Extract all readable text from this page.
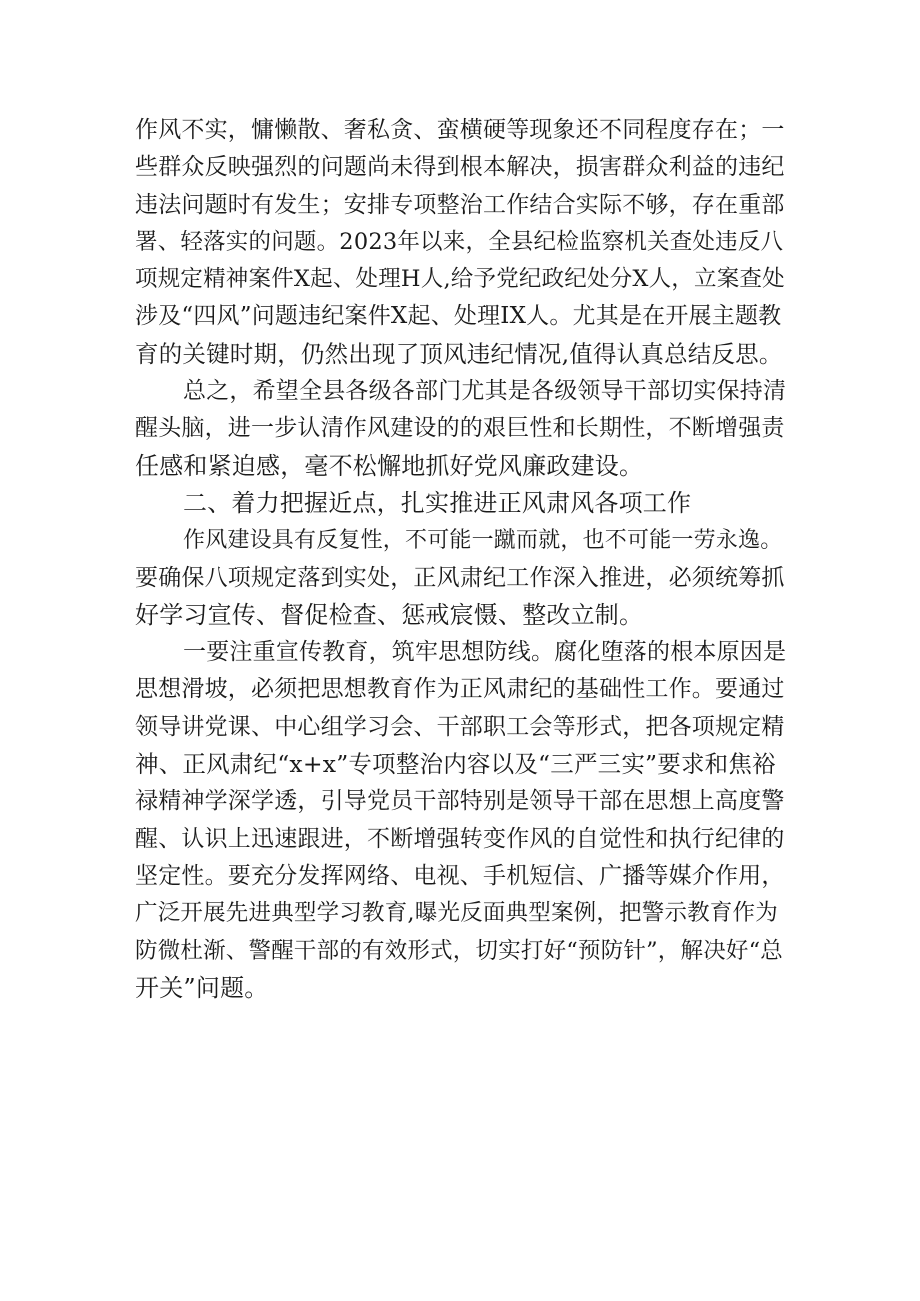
作风不实，慵懒散、奢私贪、蛮横硬等现象还不同程度存在；一
些群众反映强烈的问题尚未得到根本解决，损害群众利益的违纪
违法问题时有发生；安排专项整治工作结合实际不够，存在重部
署、轻落实的问题。2023年以来，全县纪检监察机关查处违反八
项规定精神案件X起、处理H人,给予党纪政纪处分X人，立案查处
涉及“四风”问题违纪案件X起、处理IX人。尤其是在开展主题教
育的关键时期，仍然出现了顶风违纪情况,值得认真总结反思。
总之，希望全县各级各部门尤其是各级领导干部切实保持清
醒头脑，进一步认清作风建设的的艰巨性和长期性，不断增强责
任感和紧迫感，毫不松懈地抓好党风廉政建设。
二、着力把握近点，扎实推进正风肃风各项工作
作风建设具有反复性，不可能一蹴而就，也不可能一劳永逸。
要确保八项规定落到实处，正风肃纪工作深入推进，必须统筹抓
好学习宣传、督促检查、惩戒宸慑、整改立制。
一要注重宣传教育，筑牢思想防线。腐化堕落的根本原因是
思想滑坡，必须把思想教育作为正风肃纪的基础性工作。要通过
领导讲党课、中心组学习会、干部职工会等形式，把各项规定精
神、正风肃纪“x+x”专项整治内容以及“三严三实”要求和焦裕
禄精神学深学透，引导党员干部特别是领导干部在思想上高度警
醒、认识上迅速跟进，不断增强转变作风的自觉性和执行纪律的
坚定性。要充分发挥网络、电视、手机短信、广播等媒介作用，
广泛开展先进典型学习教育,曝光反面典型案例，把警示教育作为
防微杜渐、警醒干部的有效形式，切实打好“预防针”，解决好“总
开关”问题。
